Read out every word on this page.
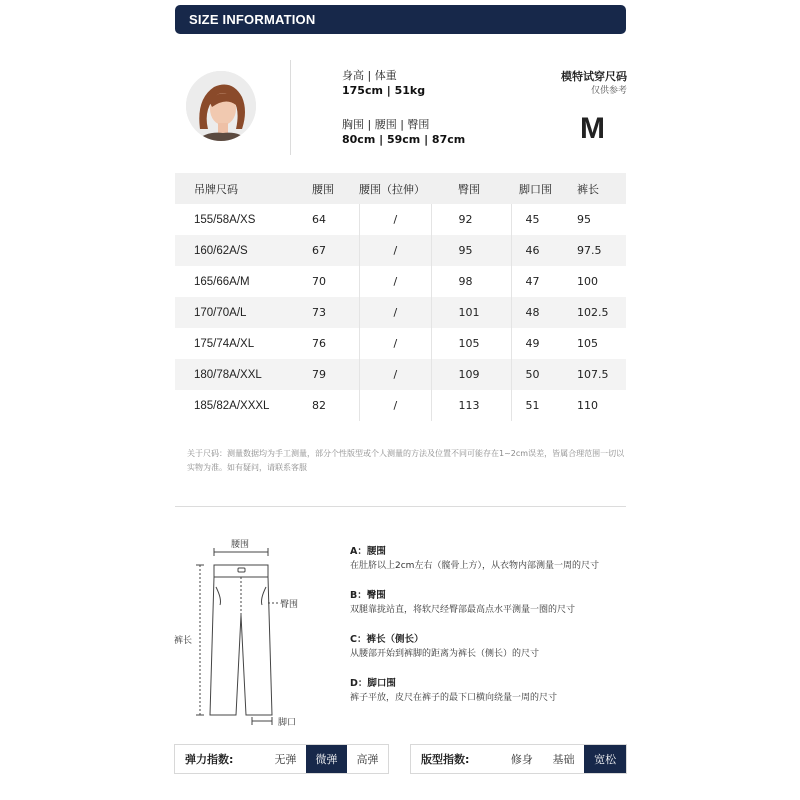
SIZE INFORMATION
身高 | 体重
175cm | 51kg
胸围 | 腰围 | 臀围
80cm | 59cm | 87cm
模特试穿尺码
仅供参考
M
吊牌尺码	腰围	腰围（拉伸）	臀围	脚口围	裤长
155/58A/XS	64	/	92	45	95
160/62A/S	67	/	95	46	97.5
165/66A/M	70	/	98	47	100
170/70A/L	73	/	101	48	102.5
175/74A/XL	76	/	105	49	105
180/78A/XXL	79	/	109	50	107.5
185/82A/XXXL	82	/	113	51	110
关于尺码：测量数据均为手工测量，部分个性版型或个人测量的方法及位置不同可能存在1~2cm误差，皆属合理范围一切以实物为准。如有疑问，请联系客服
腰围
臀围
裤长
脚口
A：腰围
在肚脐以上2cm左右（髋骨上方），从衣物内部测量一周的尺寸
B：臀围
双腿靠拢站直，将软尺经臀部最高点水平测量一圈的尺寸
C：裤长（侧长）
从腰部开始到裤脚的距离为裤长（侧长）的尺寸
D：脚口围
裤子平放，皮尺在裤子的最下口横向绕量一周的尺寸
弹力指数:	无弹	微弹	高弹	版型指数:	修身	基础	宽松
